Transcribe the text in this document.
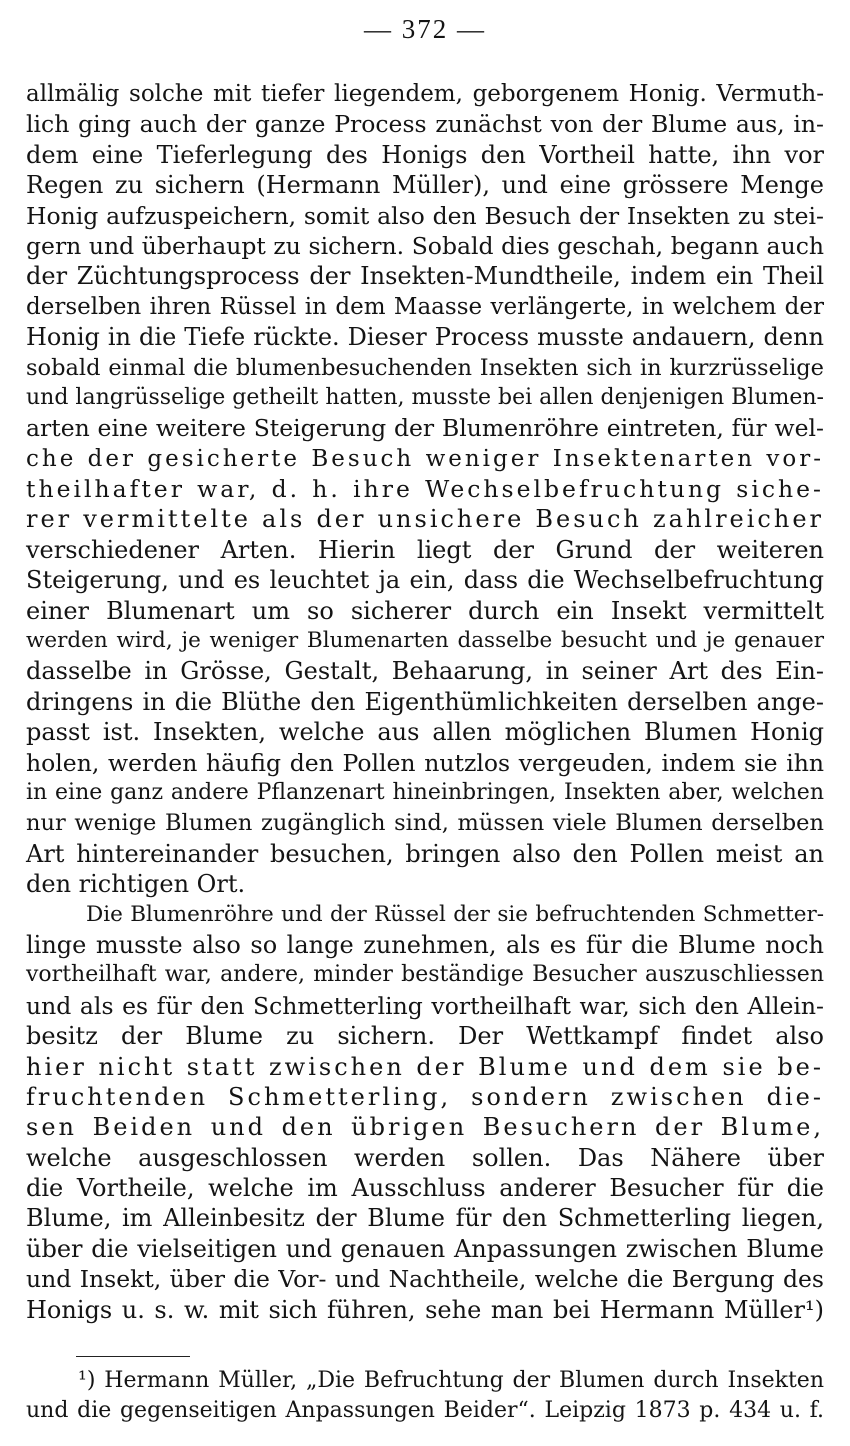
— 372 —
allmälig solche mit tiefer liegendem, geborgenem Honig. Vermuth-
lich ging auch der ganze Process zunächst von der Blume aus, in-
dem eine Tieferlegung des Honigs den Vortheil hatte, ihn vor
Regen zu sichern (Hermann Müller), und eine grössere Menge
Honig aufzuspeichern, somit also den Besuch der Insekten zu stei-
gern und überhaupt zu sichern. Sobald dies geschah, begann auch
der Züchtungsprocess der Insekten-Mundtheile, indem ein Theil
derselben ihren Rüssel in dem Maasse verlängerte, in welchem der
Honig in die Tiefe rückte. Dieser Process musste andauern, denn
sobald einmal die blumenbesuchenden Insekten sich in kurzrüsselige
und langrüsselige getheilt hatten, musste bei allen denjenigen Blumen-
arten eine weitere Steigerung der Blumenröhre eintreten, für wel-
che der gesicherte Besuch weniger Insektenarten vor-
theilhafter war, d. h. ihre Wechselbefruchtung siche-
rer vermittelte als der unsichere Besuch zahlreicher
verschiedener Arten. Hierin liegt der Grund der weiteren
Steigerung, und es leuchtet ja ein, dass die Wechselbefruchtung
einer Blumenart um so sicherer durch ein Insekt vermittelt
werden wird, je weniger Blumenarten dasselbe besucht und je genauer
dasselbe in Grösse, Gestalt, Behaarung, in seiner Art des Ein-
dringens in die Blüthe den Eigenthümlichkeiten derselben ange-
passt ist. Insekten, welche aus allen möglichen Blumen Honig
holen, werden häufig den Pollen nutzlos vergeuden, indem sie ihn
in eine ganz andere Pflanzenart hineinbringen, Insekten aber, welchen
nur wenige Blumen zugänglich sind, müssen viele Blumen derselben
Art hintereinander besuchen, bringen also den Pollen meist an
den richtigen Ort.
Die Blumenröhre und der Rüssel der sie befruchtenden Schmetter-
linge musste also so lange zunehmen, als es für die Blume noch
vortheilhaft war, andere, minder beständige Besucher auszuschliessen
und als es für den Schmetterling vortheilhaft war, sich den Allein-
besitz der Blume zu sichern. Der Wettkampf findet also
hier nicht statt zwischen der Blume und dem sie be-
fruchtenden Schmetterling, sondern zwischen die-
sen Beiden und den übrigen Besuchern der Blume,
welche ausgeschlossen werden sollen. Das Nähere über
die Vortheile, welche im Ausschluss anderer Besucher für die
Blume, im Alleinbesitz der Blume für den Schmetterling liegen,
über die vielseitigen und genauen Anpassungen zwischen Blume
und Insekt, über die Vor- und Nachtheile, welche die Bergung des
Honigs u. s. w. mit sich führen, sehe man bei Hermann Müller¹)
¹) Hermann Müller, „Die Befruchtung der Blumen durch Insekten
und die gegenseitigen Anpassungen Beider“. Leipzig 1873 p. 434 u. f.
